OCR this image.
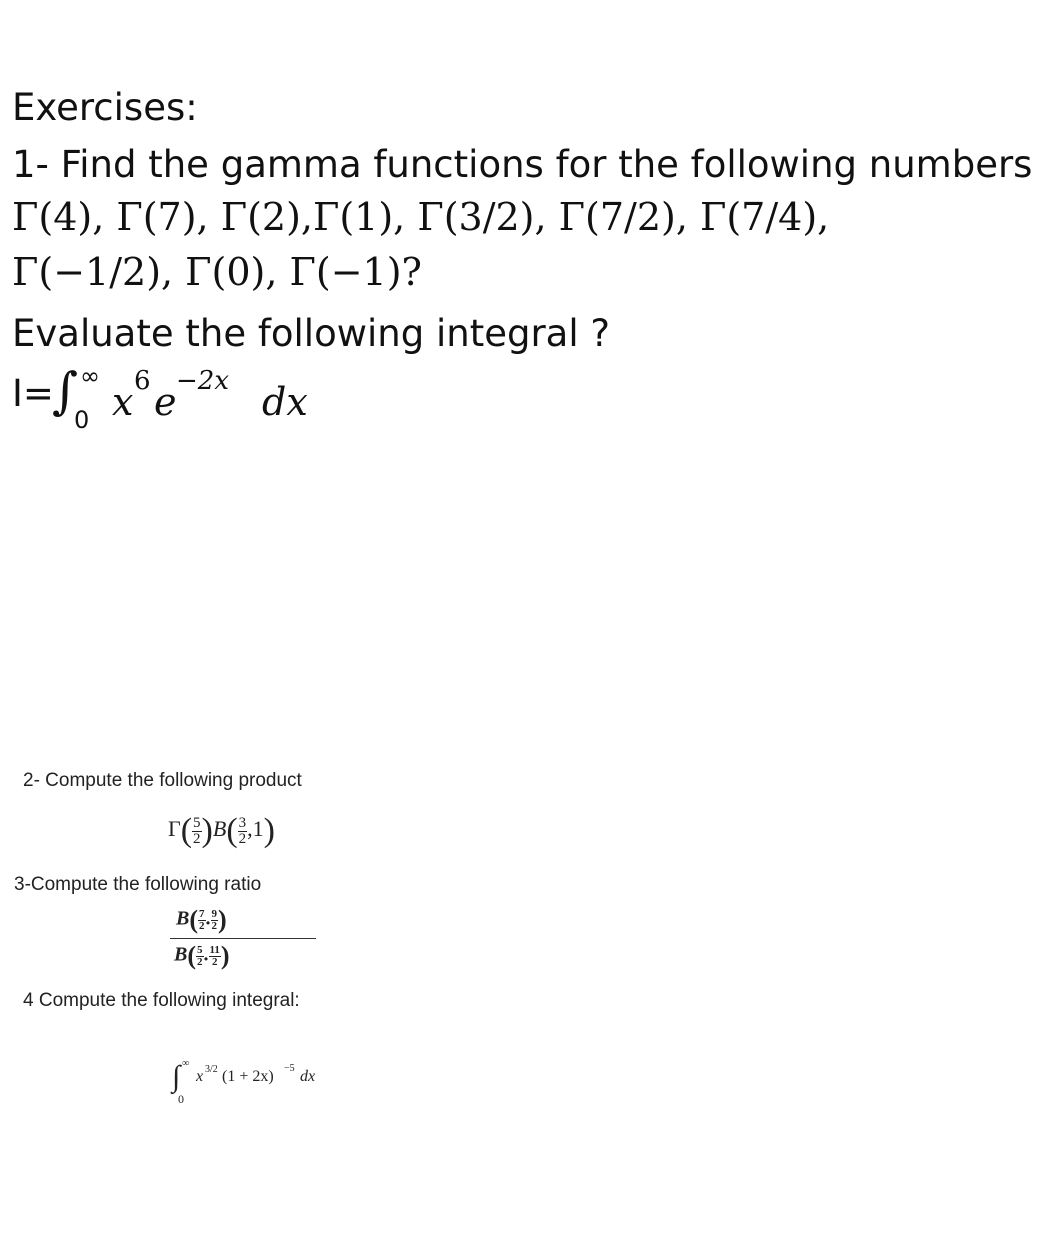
Exercises:
1- Find the gamma functions for the following numbers
Γ(4), Γ(7), Γ(2),Γ(1), Γ(3/2), Γ(7/2), Γ(7/4),
Γ(−1/2), Γ(0), Γ(−1)?
Evaluate the following integral ?
I=
∫ ∞
0 x 6 e −2x dx
2- Compute the following product
$\Gamma( \frac{5}{2} )B( \frac{3}{2} ,1)$
3-Compute the following ratio
$B( \frac{7}{2}$ . $\frac{9}{2}$ )
$B( \frac{5}{2}$ . $\frac{11}{2}$ )
4 Compute the following integral:
∫ ∞
0
x 3/2 (1 + 2x) −5 dx
